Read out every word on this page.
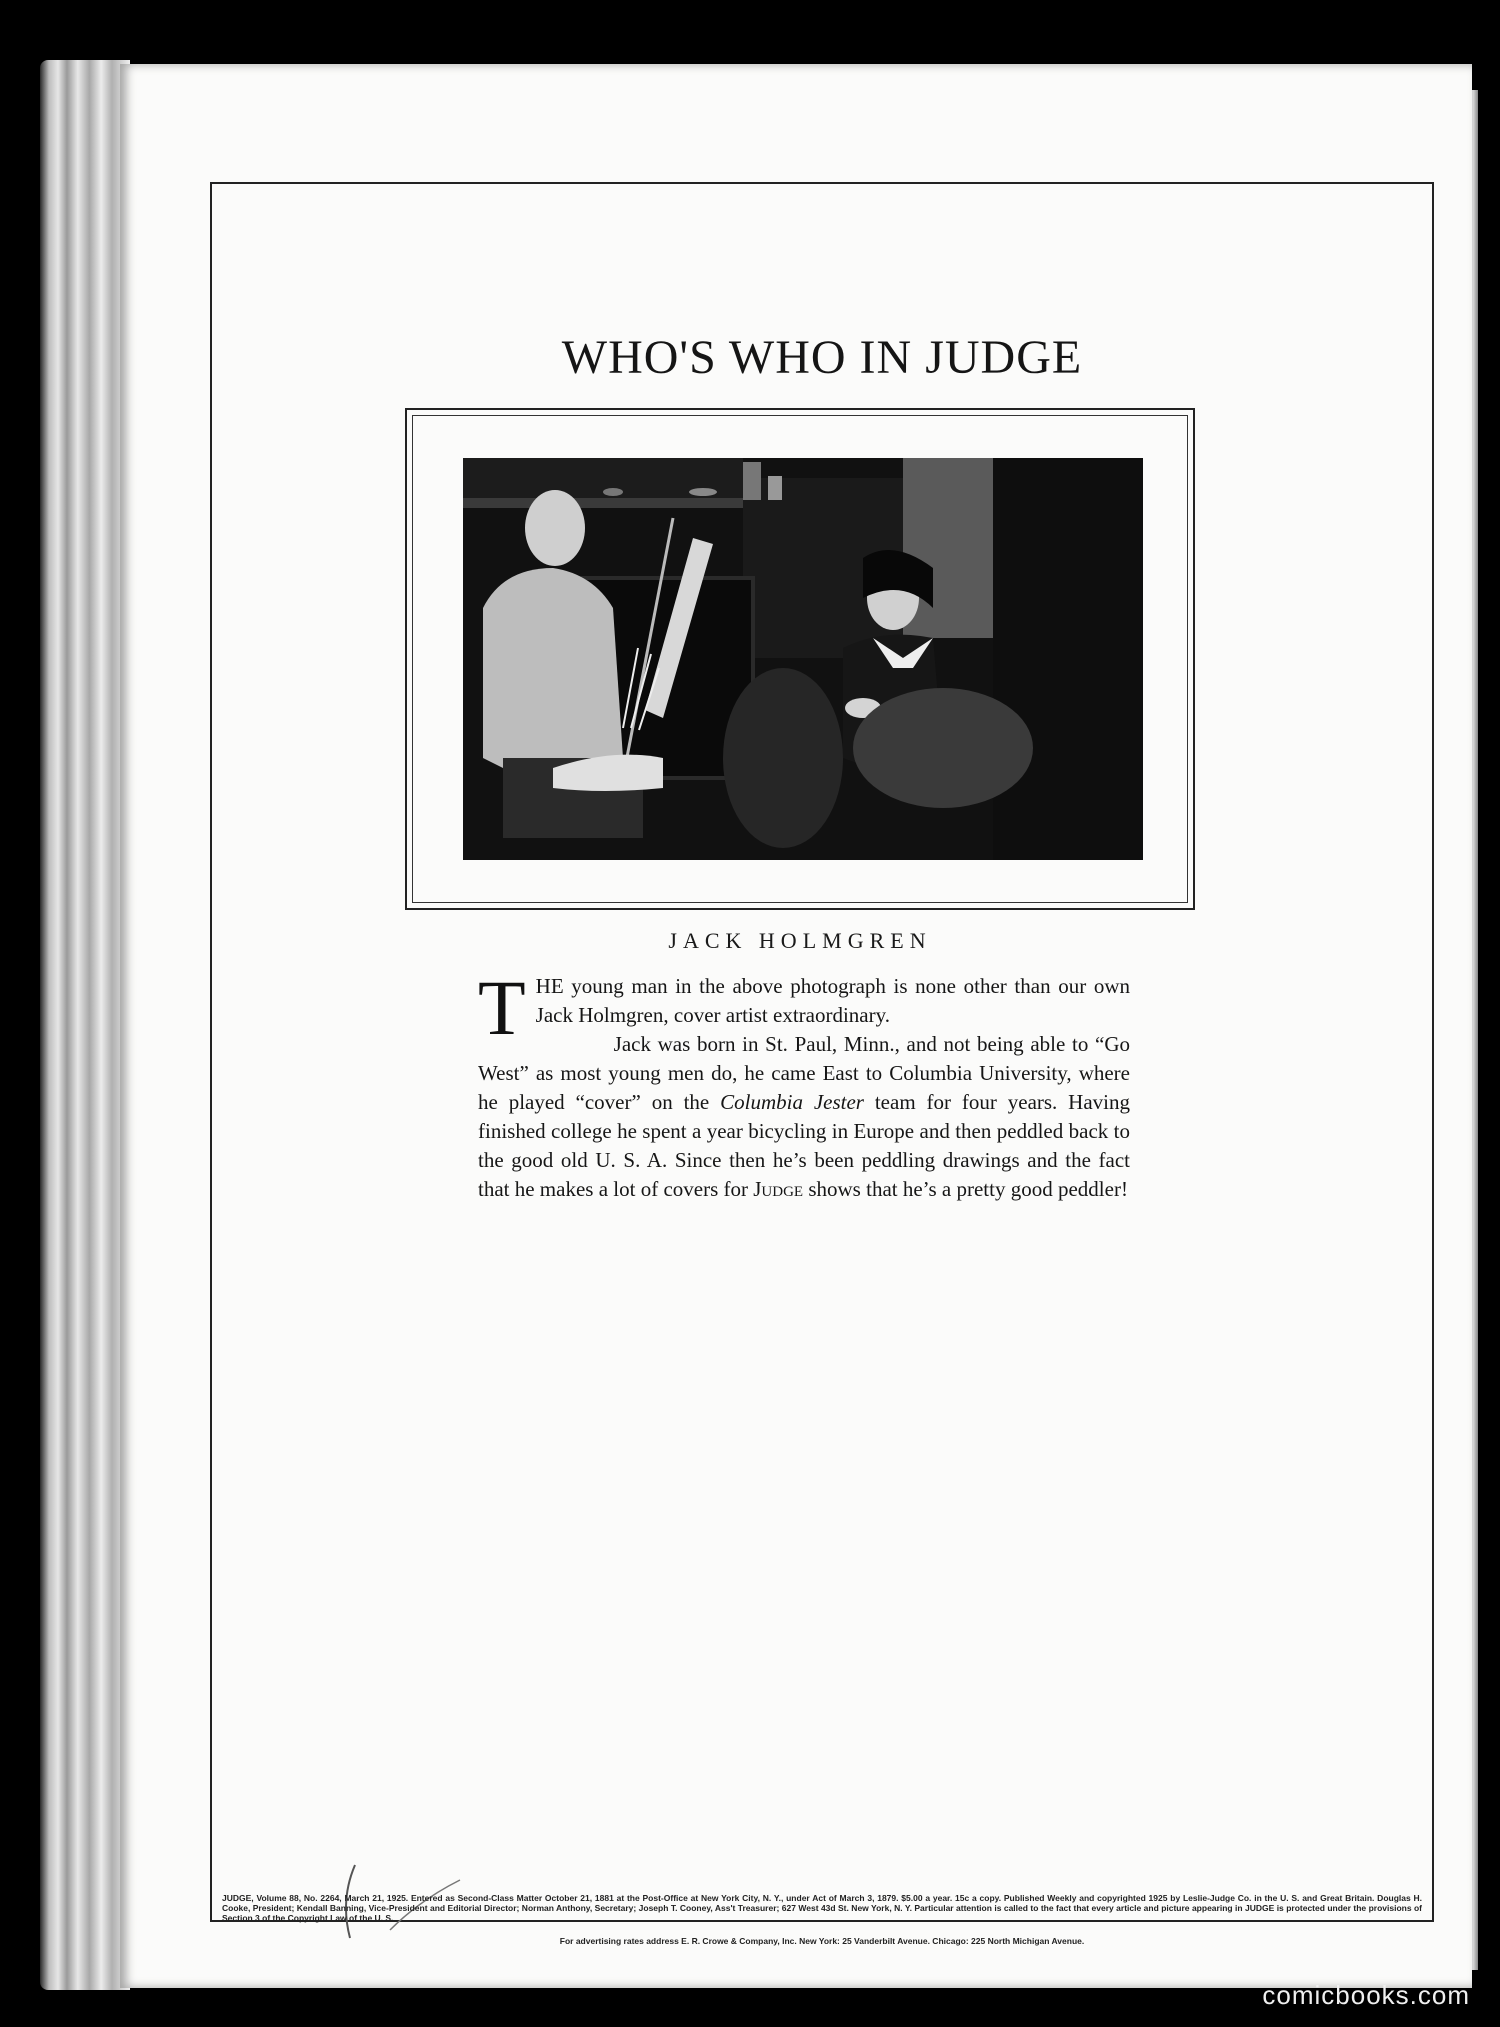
WHO'S WHO IN JUDGE
JACK HOLMGREN

THE young man in the above photograph is none other than our own Jack Holmgren, cover artist extraordinary.

Jack was born in St. Paul, Minn., and not being able to “Go West” as most young men do, he came East to Columbia University, where he played “cover” on the Columbia Jester team for four years. Having finished college he spent a year bicycling in Europe and then peddled back to the good old U. S. A. Since then he’s been peddling drawings and the fact that he makes a lot of covers for Judge shows that he’s a pretty good peddler!

JUDGE, Volume 88, No. 2264, March 21, 1925. Entered as Second-Class Matter October 21, 1881 at the Post-Office at New York City, N. Y., under Act of March 3, 1879. $5.00 a year. 15c a copy. Published Weekly and copyrighted 1925 by Leslie-Judge Co. in the U. S. and Great Britain. Douglas H. Cooke, President; Kendall Banning, Vice-President and Editorial Director; Norman Anthony, Secretary; Joseph T. Cooney, Ass't Treasurer; 627 West 43d St. New York, N. Y. Particular attention is called to the fact that every article and picture appearing in JUDGE is protected under the provisions of Section 3 of the Copyright Law of the U. S.
For advertising rates address E. R. Crowe & Company, Inc. New York: 25 Vanderbilt Avenue. Chicago: 225 North Michigan Avenue.
comicbooks.com
